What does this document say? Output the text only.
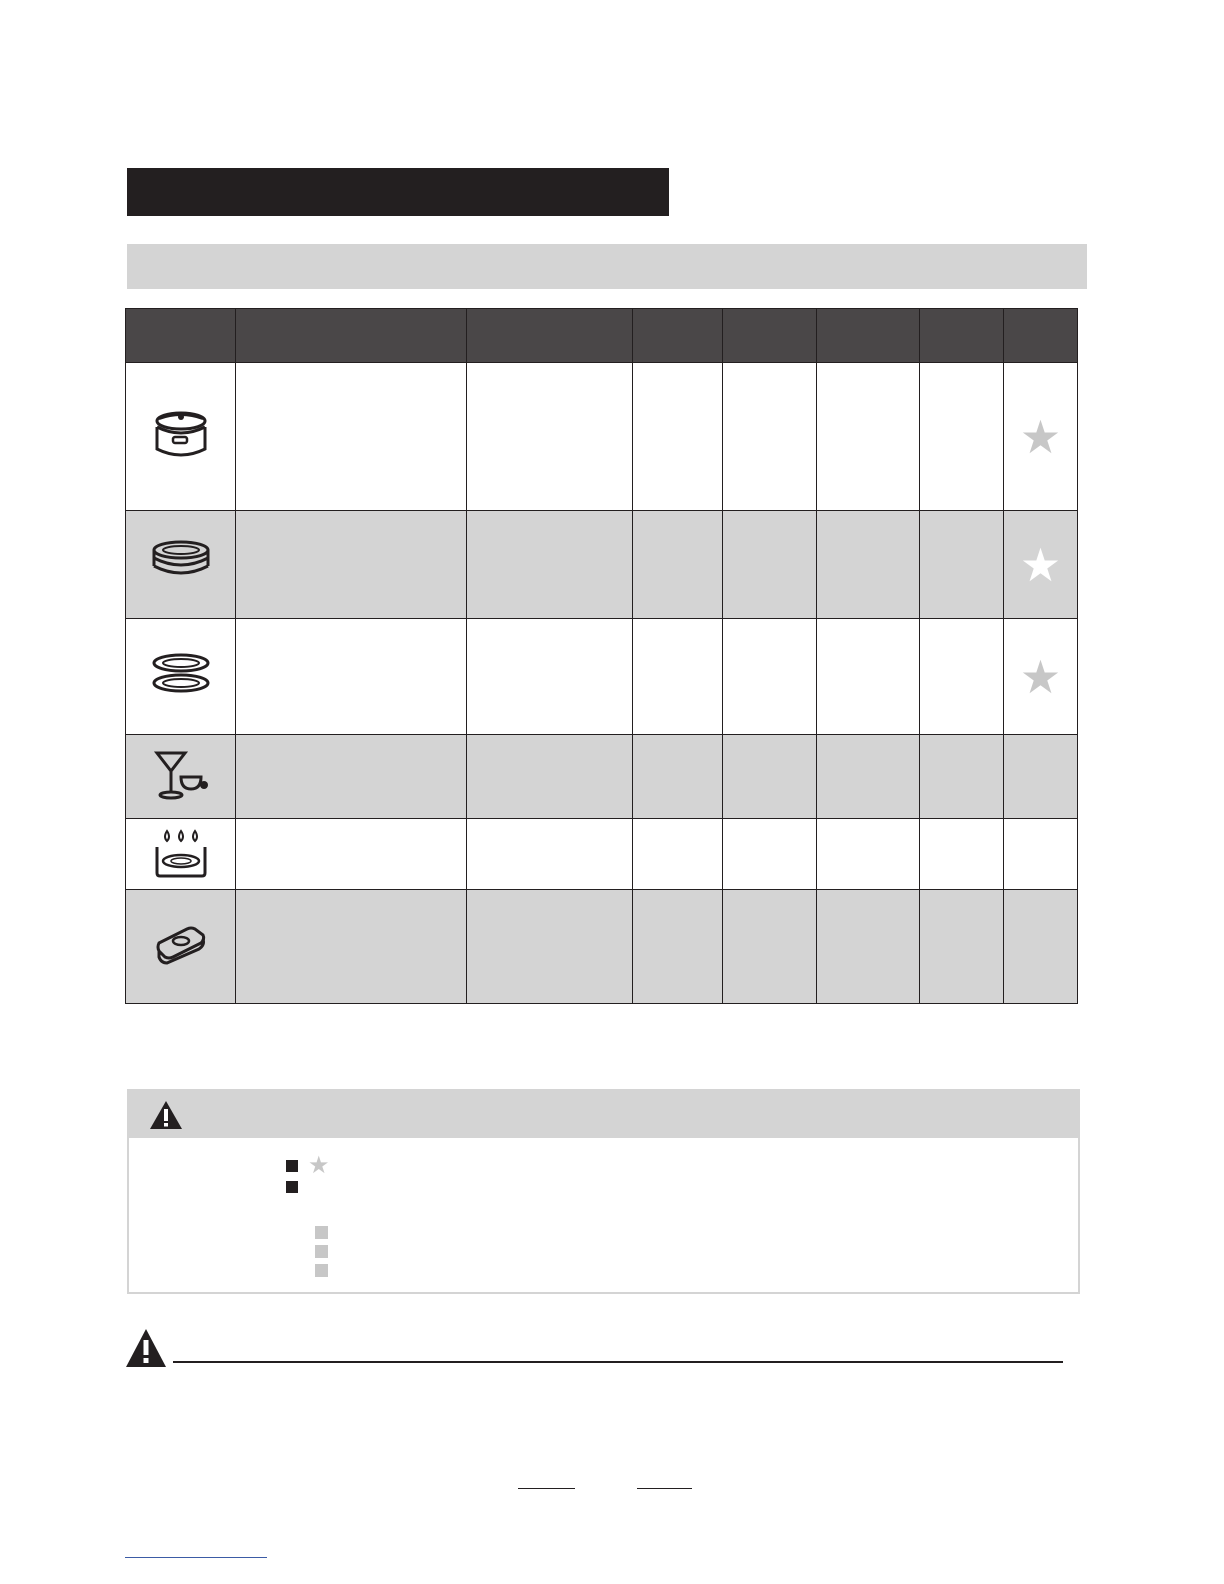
							★
							★
							★

★
